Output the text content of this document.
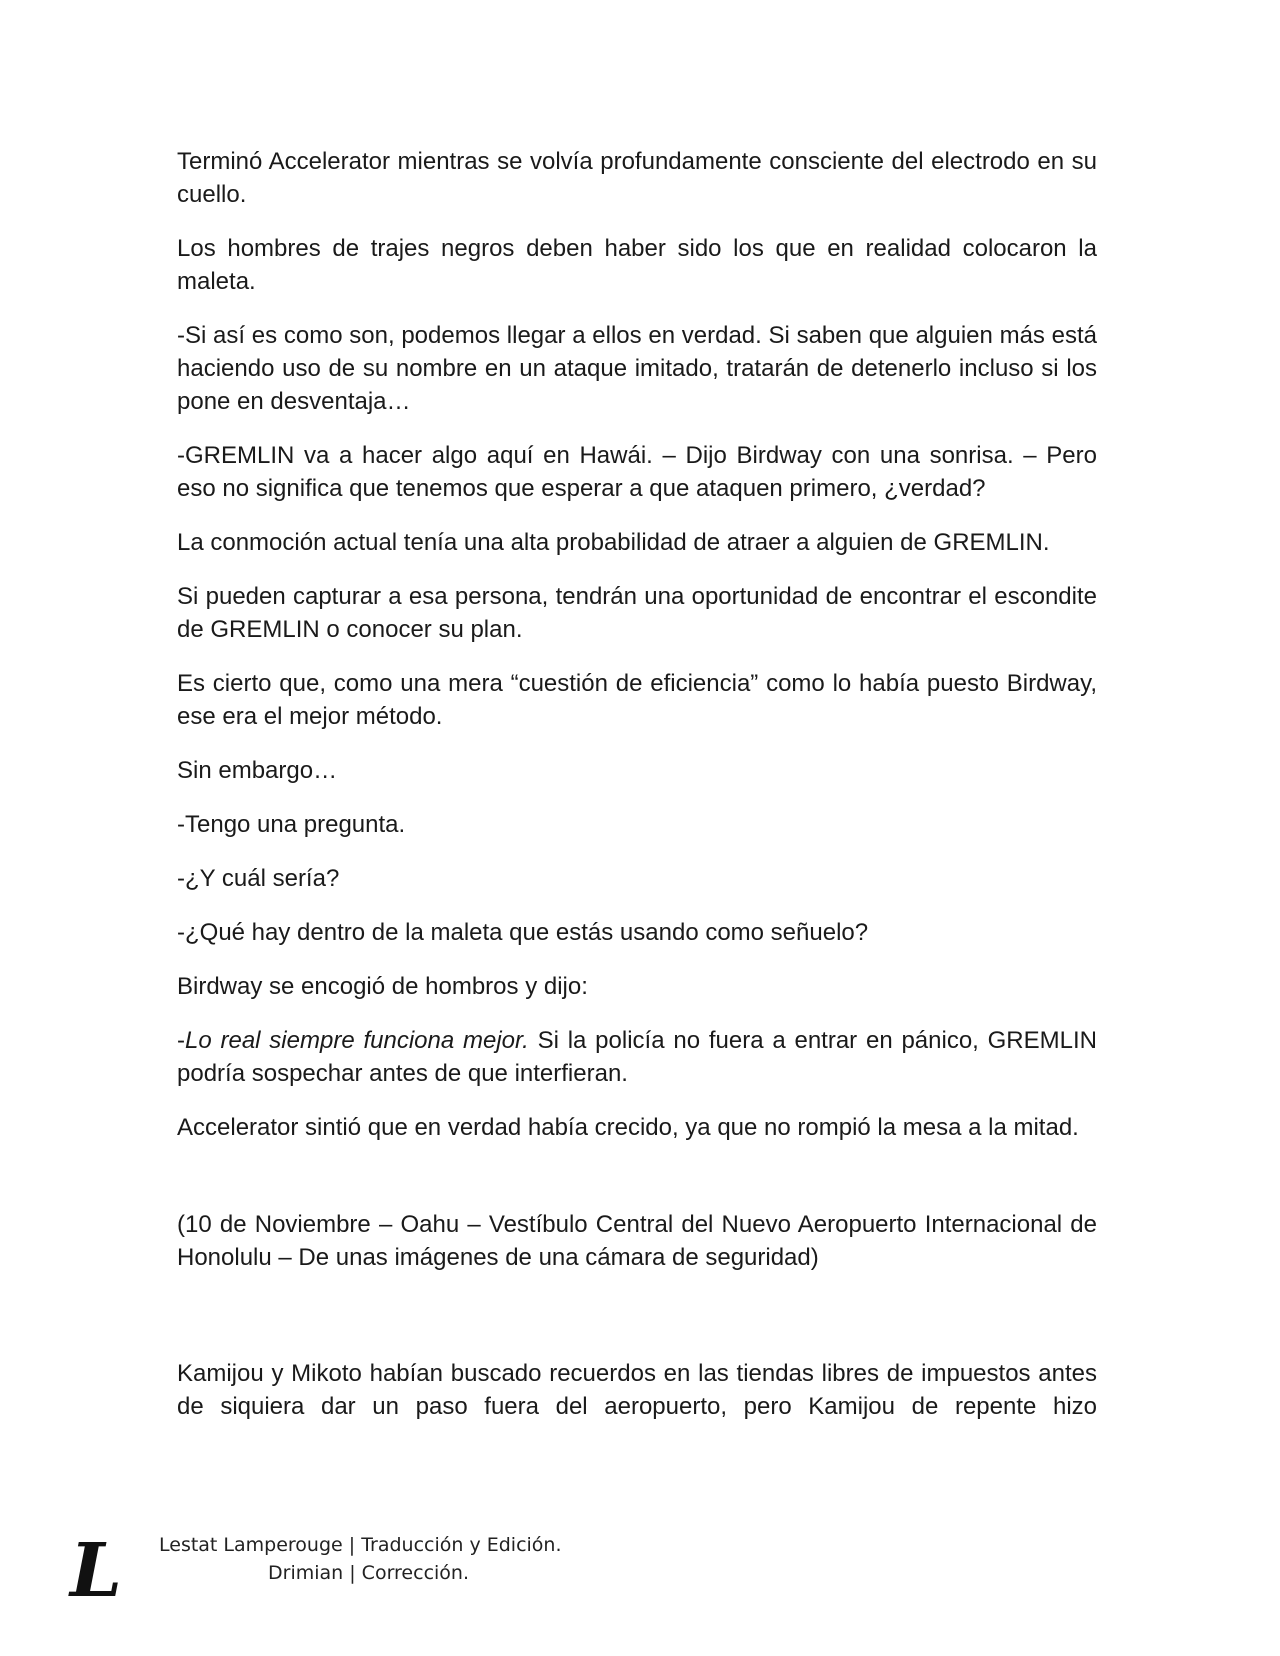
Terminó Accelerator mientras se volvía profundamente consciente del electrodo en su cuello.

Los hombres de trajes negros deben haber sido los que en realidad colocaron la maleta.

-Si así es como son, podemos llegar a ellos en verdad. Si saben que alguien más está haciendo uso de su nombre en un ataque imitado, tratarán de detenerlo incluso si los pone en desventaja…

-GREMLIN va a hacer algo aquí en Hawái. – Dijo Birdway con una sonrisa. – Pero eso no significa que tenemos que esperar a que ataquen primero, ¿verdad?

La conmoción actual tenía una alta probabilidad de atraer a alguien de GREMLIN.

Si pueden capturar a esa persona, tendrán una oportunidad de encontrar el escondite de GREMLIN o conocer su plan.

Es cierto que, como una mera “cuestión de eficiencia” como lo había puesto Birdway, ese era el mejor método.

Sin embargo…

-Tengo una pregunta.

-¿Y cuál sería?

-¿Qué hay dentro de la maleta que estás usando como señuelo?

Birdway se encogió de hombros y dijo:

-Lo real siempre funciona mejor. Si la policía no fuera a entrar en pánico, GREMLIN podría sospechar antes de que interfieran.

Accelerator sintió que en verdad había crecido, ya que no rompió la mesa a la mitad.

(10 de Noviembre – Oahu – Vestíbulo Central del Nuevo Aeropuerto Internacional de Honolulu – De unas imágenes de una cámara de seguridad)

Kamijou y Mikoto habían buscado recuerdos en las tiendas libres de impuestos antes de siquiera dar un paso fuera del aeropuerto, pero Kamijou de repente hizo

L Lestat Lamperouge | Traducción y Edición.
Drimian | Corrección.
